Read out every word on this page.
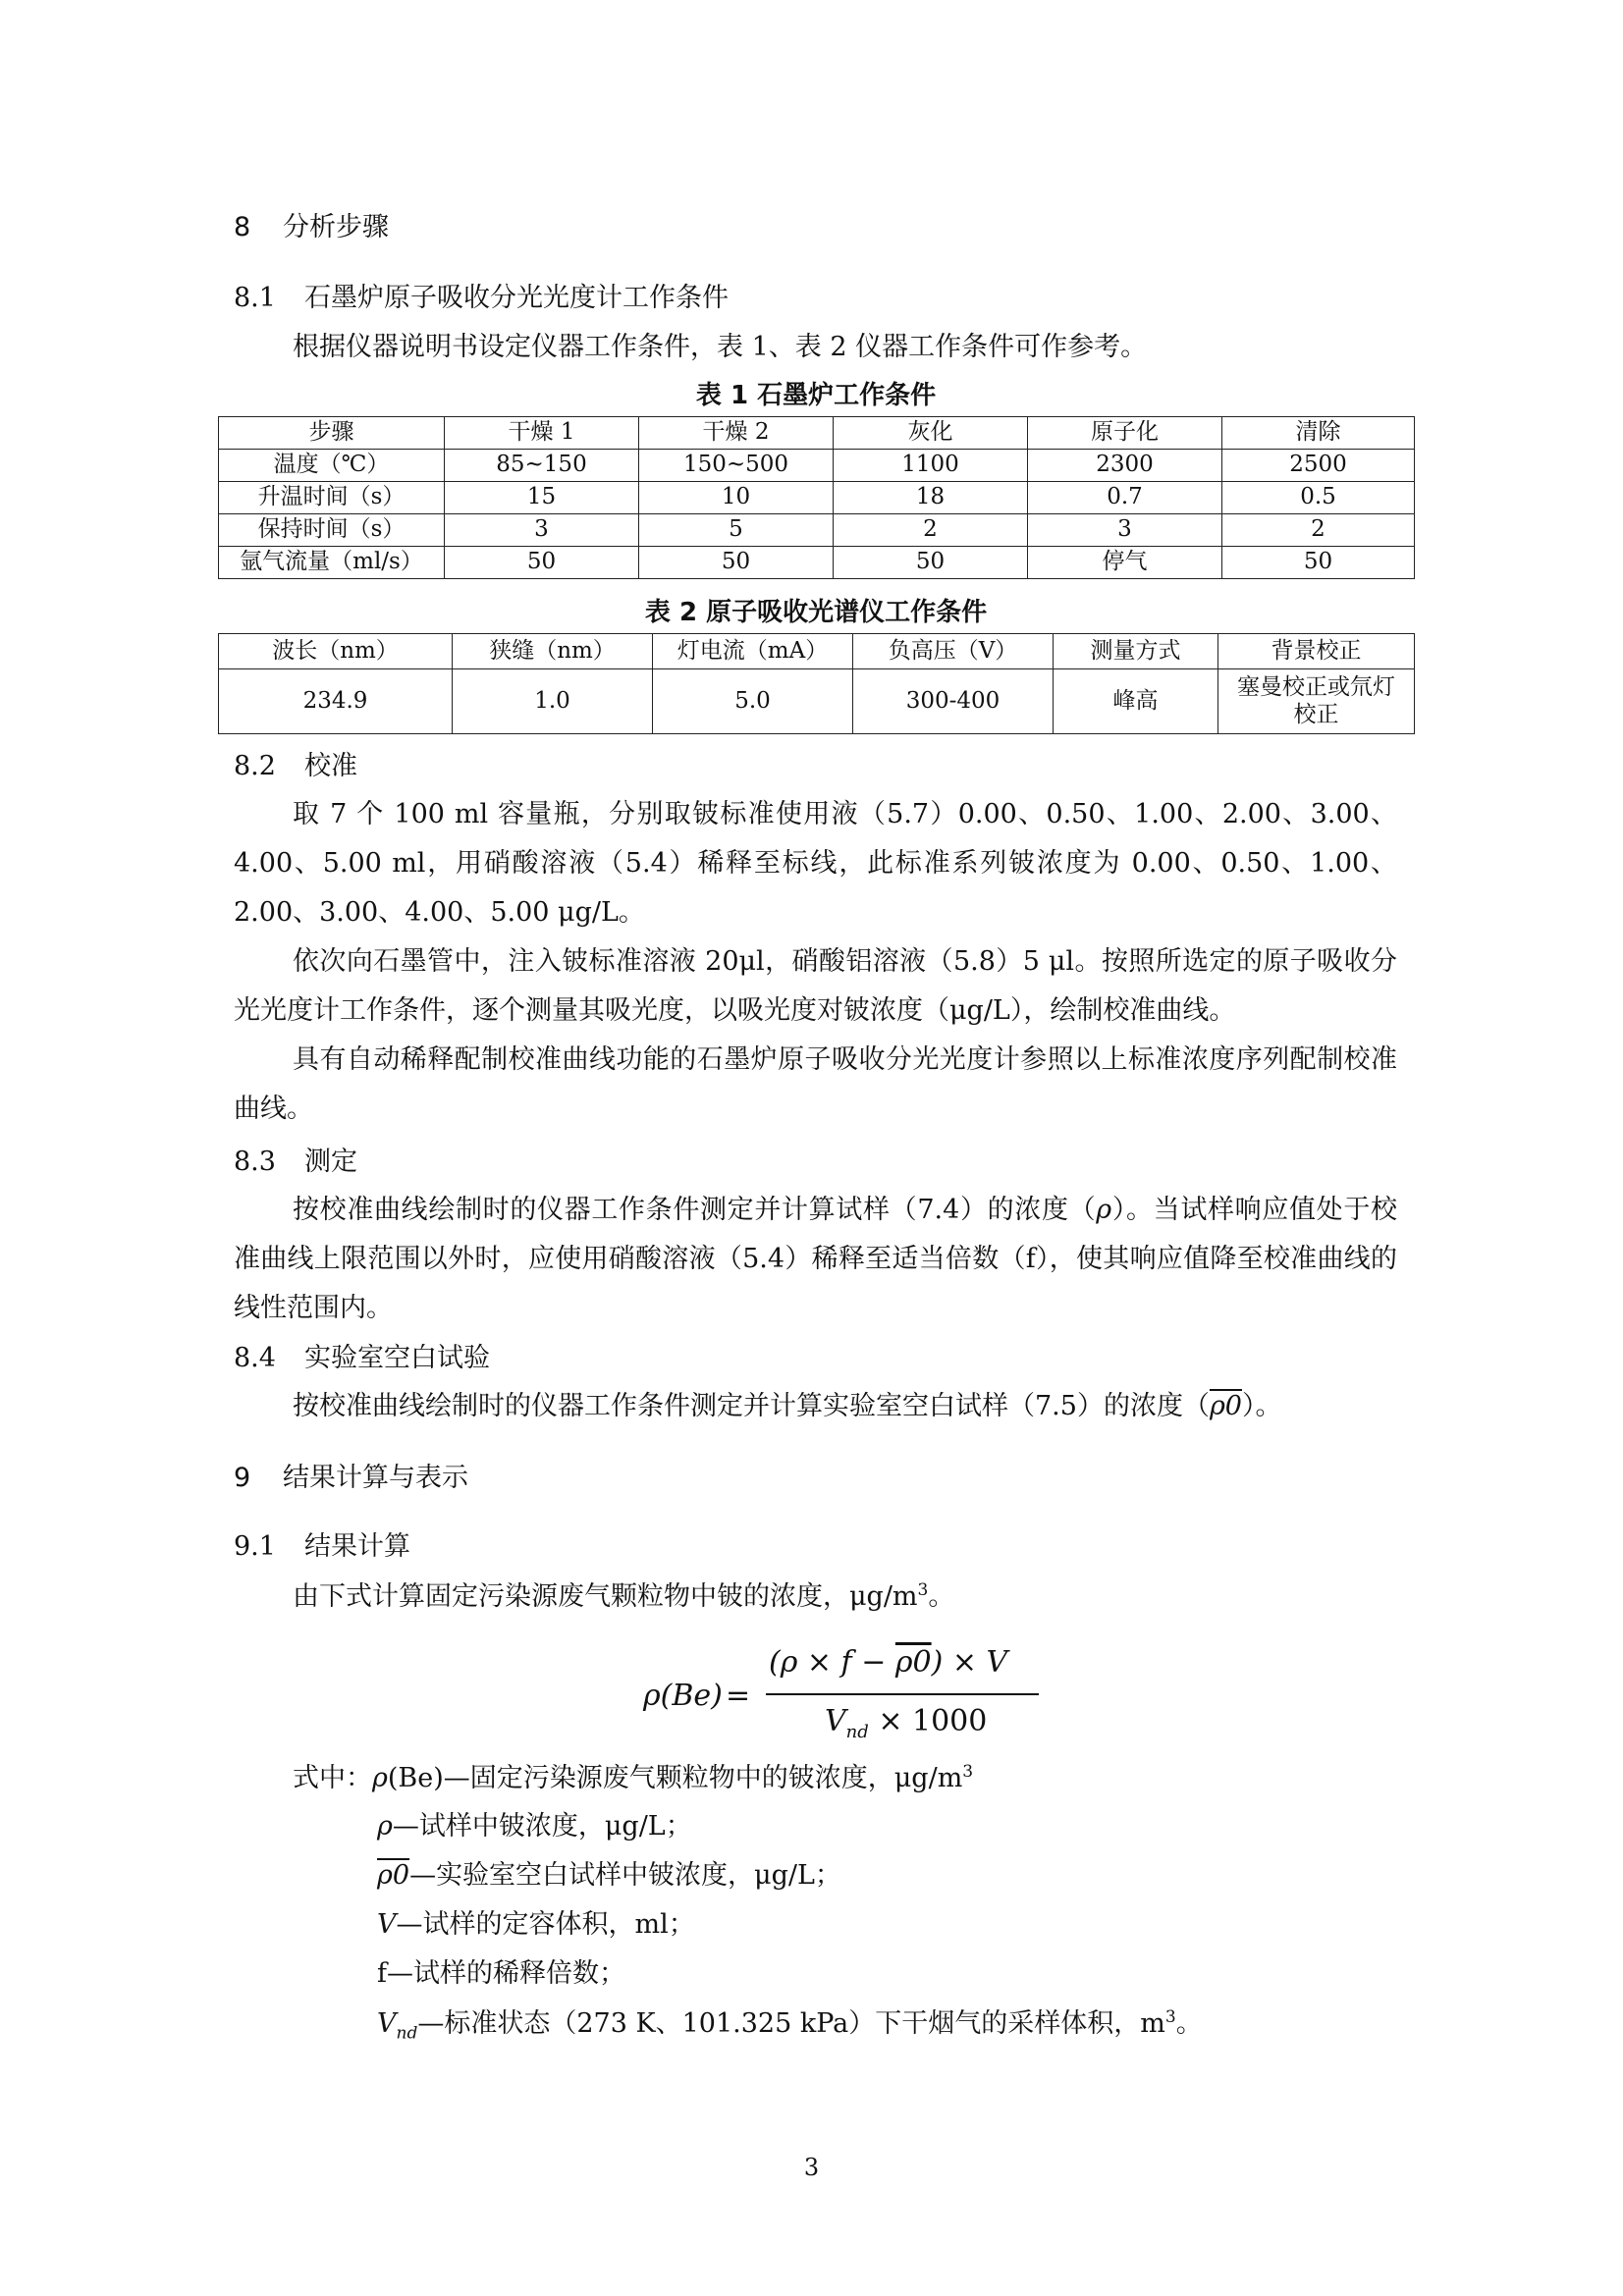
8 分析步骤
8.1 石墨炉原子吸收分光光度计工作条件
根据仪器说明书设定仪器工作条件，表 1、表 2 仪器工作条件可作参考。
表 1 石墨炉工作条件
步骤	干燥 1	干燥 2	灰化	原子化	清除
温度（℃）	85~150	150~500	1100	2300	2500
升温时间（s）	15	10	18	0.7	0.5
保持时间（s）	3	5	2	3	2
氩气流量（ml/s）	50	50	50	停气	50
表 2 原子吸收光谱仪工作条件
波长（nm）	狭缝（nm）	灯电流（mA）	负高压（V）	测量方式	背景校正
234.9	1.0	5.0	300-400	峰高	塞曼校正或氘灯校正
8.2 校准
取 7 个 100 ml 容量瓶，分别取铍标准使用液（5.7）0.00、0.50、1.00、2.00、3.00、4.00、5.00 ml，用硝酸溶液（5.4）稀释至标线，此标准系列铍浓度为 0.00、0.50、1.00、2.00、3.00、4.00、5.00 μg/L。
依次向石墨管中，注入铍标准溶液 20μl，硝酸铝溶液（5.8）5 μl。按照所选定的原子吸收分光光度计工作条件，逐个测量其吸光度，以吸光度对铍浓度（μg/L），绘制校准曲线。
具有自动稀释配制校准曲线功能的石墨炉原子吸收分光光度计参照以上标准浓度序列配制校准曲线。
8.3 测定
按校准曲线绘制时的仪器工作条件测定并计算试样（7.4）的浓度（ρ）。当试样响应值处于校准曲线上限范围以外时，应使用硝酸溶液（5.4）稀释至适当倍数（f），使其响应值降至校准曲线的线性范围内。
8.4 实验室空白试验
按校准曲线绘制时的仪器工作条件测定并计算实验室空白试样（7.5）的浓度（ρ0）。
9 结果计算与表示
9.1 结果计算
由下式计算固定污染源废气颗粒物中铍的浓度，$\mu g/m^3$。
ρ(Be) =
(ρ × f − ρ0) × V
$V_{nd} \times 1000$
式中：ρ(Be)—固定污染源废气颗粒物中的铍浓度，$\mu g/m^3$
ρ—试样中铍浓度，μg/L；
ρ0—实验室空白试样中铍浓度，μg/L；
V—试样的定容体积，ml；
f—试样的稀释倍数；
$V_{nd}—$标准状态（273 K、101.325 kPa）下干烟气的采样体积，$m^3$。
3
